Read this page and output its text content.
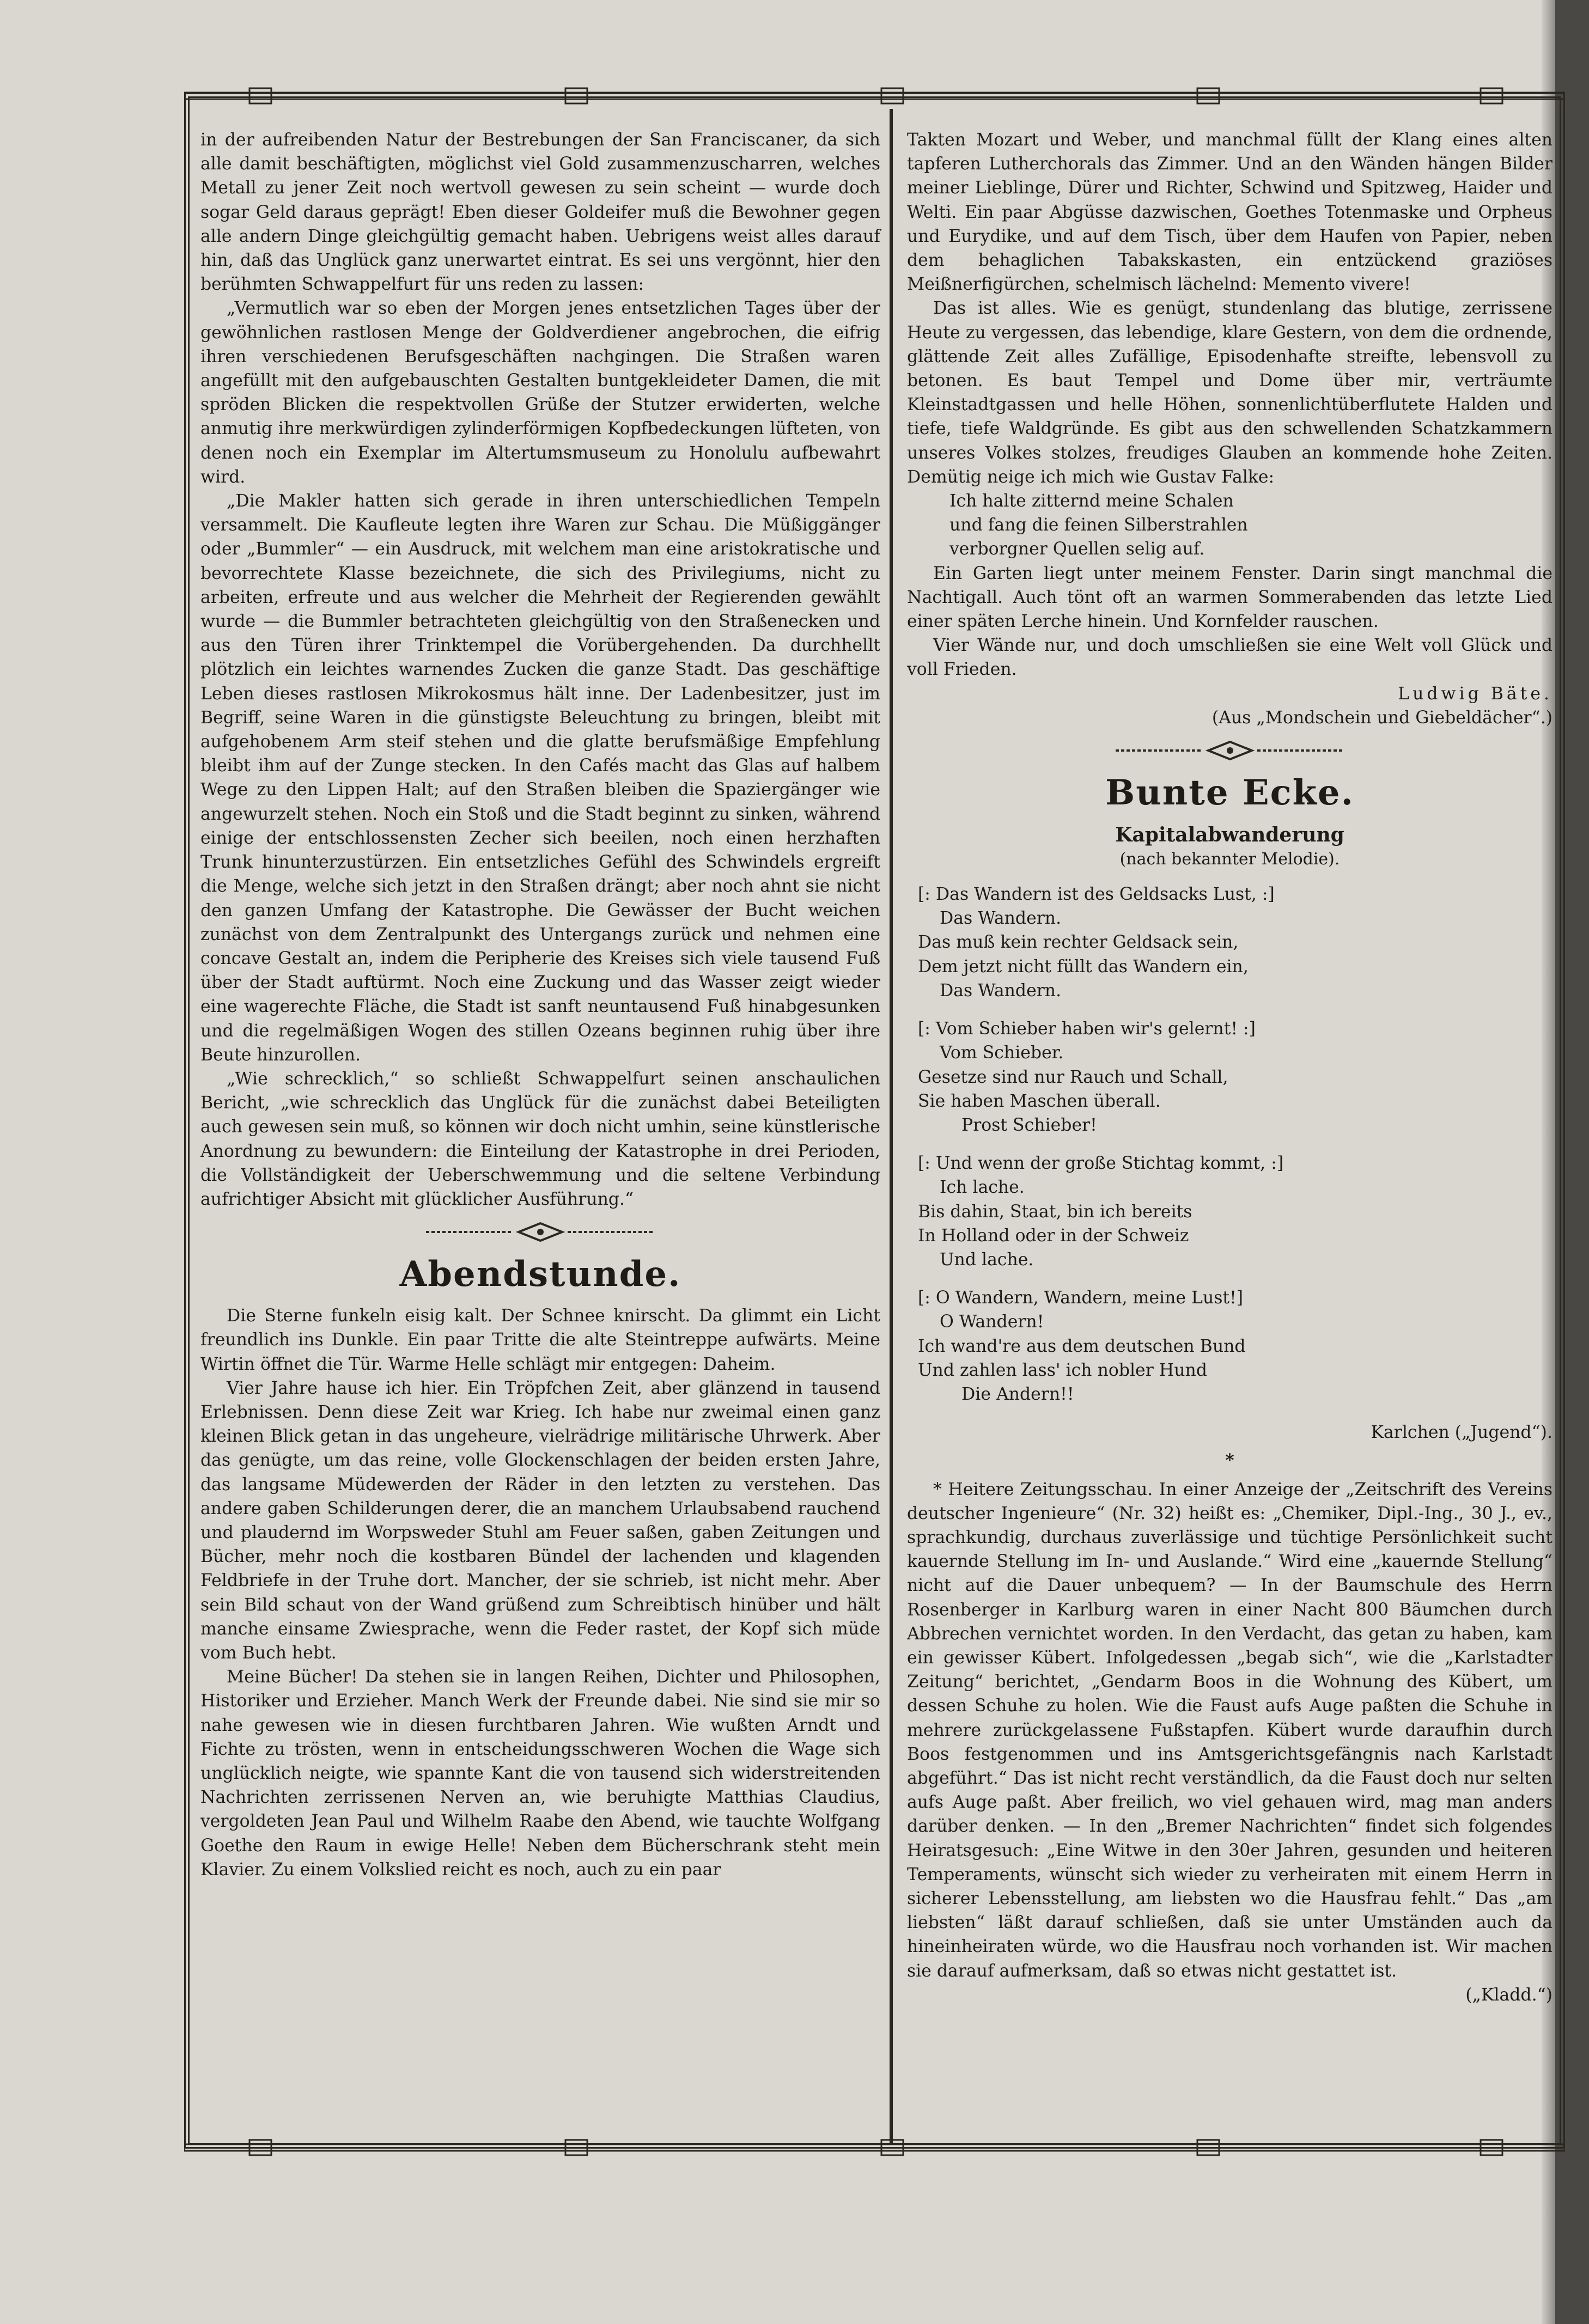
in der aufreibenden Natur der Bestrebungen der San Franciscaner, da sich alle damit beschäftigten, möglichst viel Gold zusammenzuscharren, welches Metall zu jener Zeit noch wertvoll gewesen zu sein scheint — wurde doch sogar Geld daraus geprägt! Eben dieser Goldeifer muß die Bewohner gegen alle andern Dinge gleichgültig gemacht haben. Uebrigens weist alles darauf hin, daß das Unglück ganz unerwartet eintrat. Es sei uns vergönnt, hier den berühmten Schwappelfurt für uns reden zu lassen:

„Vermutlich war so eben der Morgen jenes entsetzlichen Tages über der gewöhnlichen rastlosen Menge der Goldverdiener angebrochen, die eifrig ihren verschiedenen Berufsgeschäften nachgingen. Die Straßen waren angefüllt mit den aufgebauschten Gestalten buntgekleideter Damen, die mit spröden Blicken die respektvollen Grüße der Stutzer erwiderten, welche anmutig ihre merkwürdigen zylinderförmigen Kopfbedeckungen lüfteten, von denen noch ein Exemplar im Altertumsmuseum zu Honolulu aufbewahrt wird.

„Die Makler hatten sich gerade in ihren unterschiedlichen Tempeln versammelt. Die Kaufleute legten ihre Waren zur Schau. Die Müßiggänger oder „Bummler“ — ein Ausdruck, mit welchem man eine aristokratische und bevorrechtete Klasse bezeichnete, die sich des Privilegiums, nicht zu arbeiten, erfreute und aus welcher die Mehrheit der Regierenden gewählt wurde — die Bummler betrachteten gleichgültig von den Straßenecken und aus den Türen ihrer Trinktempel die Vorübergehenden. Da durchhellt plötzlich ein leichtes warnendes Zucken die ganze Stadt. Das geschäftige Leben dieses rastlosen Mikrokosmus hält inne. Der Ladenbesitzer, just im Begriff, seine Waren in die günstigste Beleuchtung zu bringen, bleibt mit aufgehobenem Arm steif stehen und die glatte berufsmäßige Empfehlung bleibt ihm auf der Zunge stecken. In den Cafés macht das Glas auf halbem Wege zu den Lippen Halt; auf den Straßen bleiben die Spaziergänger wie angewurzelt stehen. Noch ein Stoß und die Stadt beginnt zu sinken, während einige der entschlossensten Zecher sich beeilen, noch einen herzhaften Trunk hinunterzustürzen. Ein entsetzliches Gefühl des Schwindels ergreift die Menge, welche sich jetzt in den Straßen drängt; aber noch ahnt sie nicht den ganzen Umfang der Katastrophe. Die Gewässer der Bucht weichen zunächst von dem Zentralpunkt des Untergangs zurück und nehmen eine concave Gestalt an, indem die Peripherie des Kreises sich viele tausend Fuß über der Stadt auftürmt. Noch eine Zuckung und das Wasser zeigt wieder eine wagerechte Fläche, die Stadt ist sanft neuntausend Fuß hinabgesunken und die regelmäßigen Wogen des stillen Ozeans beginnen ruhig über ihre Beute hinzurollen.

„Wie schrecklich,“ so schließt Schwappelfurt seinen anschaulichen Bericht, „wie schrecklich das Unglück für die zunächst dabei Beteiligten auch gewesen sein muß, so können wir doch nicht umhin, seine künstlerische Anordnung zu bewundern: die Einteilung der Katastrophe in drei Perioden, die Vollständigkeit der Ueberschwemmung und die seltene Verbindung aufrichtiger Absicht mit glücklicher Ausführung.“

Abendstunde.

Die Sterne funkeln eisig kalt. Der Schnee knirscht. Da glimmt ein Licht freundlich ins Dunkle. Ein paar Tritte die alte Steintreppe aufwärts. Meine Wirtin öffnet die Tür. Warme Helle schlägt mir entgegen: Daheim.

Vier Jahre hause ich hier. Ein Tröpfchen Zeit, aber glänzend in tausend Erlebnissen. Denn diese Zeit war Krieg. Ich habe nur zweimal einen ganz kleinen Blick getan in das ungeheure, vielrädrige militärische Uhrwerk. Aber das genügte, um das reine, volle Glockenschlagen der beiden ersten Jahre, das langsame Müdewerden der Räder in den letzten zu verstehen. Das andere gaben Schilderungen derer, die an manchem Urlaubsabend rauchend und plaudernd im Worpsweder Stuhl am Feuer saßen, gaben Zeitungen und Bücher, mehr noch die kostbaren Bündel der lachenden und klagenden Feldbriefe in der Truhe dort. Mancher, der sie schrieb, ist nicht mehr. Aber sein Bild schaut von der Wand grüßend zum Schreibtisch hinüber und hält manche einsame Zwiesprache, wenn die Feder rastet, der Kopf sich müde vom Buch hebt.

Meine Bücher! Da stehen sie in langen Reihen, Dichter und Philosophen, Historiker und Erzieher. Manch Werk der Freunde dabei. Nie sind sie mir so nahe gewesen wie in diesen furchtbaren Jahren. Wie wußten Arndt und Fichte zu trösten, wenn in entscheidungsschweren Wochen die Wage sich unglücklich neigte, wie spannte Kant die von tausend sich widerstreitenden Nachrichten zerrissenen Nerven an, wie beruhigte Matthias Claudius, vergoldeten Jean Paul und Wilhelm Raabe den Abend, wie tauchte Wolfgang Goethe den Raum in ewige Helle! Neben dem Bücherschrank steht mein Klavier. Zu einem Volkslied reicht es noch, auch zu ein paar

Takten Mozart und Weber, und manchmal füllt der Klang eines alten tapferen Lutherchorals das Zimmer. Und an den Wänden hängen Bilder meiner Lieblinge, Dürer und Richter, Schwind und Spitzweg, Haider und Welti. Ein paar Abgüsse dazwischen, Goethes Totenmaske und Orpheus und Eurydike, und auf dem Tisch, über dem Haufen von Papier, neben dem behaglichen Tabakskasten, ein entzückend graziöses Meißnerfigürchen, schelmisch lächelnd: Memento vivere!

Das ist alles. Wie es genügt, stundenlang das blutige, zerrissene Heute zu vergessen, das lebendige, klare Gestern, von dem die ordnende, glättende Zeit alles Zufällige, Episodenhafte streifte, lebensvoll zu betonen. Es baut Tempel und Dome über mir, verträumte Kleinstadtgassen und helle Höhen, sonnenlichtüberflutete Halden und tiefe, tiefe Waldgründe. Es gibt aus den schwellenden Schatzkammern unseres Volkes stolzes, freudiges Glauben an kommende hohe Zeiten. Demütig neige ich mich wie Gustav Falke:

Ich halte zitternd meine Schalen
und fang die feinen Silberstrahlen
verborgner Quellen selig auf.

Ein Garten liegt unter meinem Fenster. Darin singt manchmal die Nachtigall. Auch tönt oft an warmen Sommerabenden das letzte Lied einer späten Lerche hinein. Und Kornfelder rauschen.

Vier Wände nur, und doch umschließen sie eine Welt voll Glück und voll Frieden.
Ludwig Bäte.
(Aus „Mondschein und Giebeldächer“.)
Bunte Ecke.
Kapitalabwanderung
(nach bekannter Melodie).
[: Das Wandern ist des Geldsacks Lust, :]
Das Wandern.
Das muß kein rechter Geldsack sein,
Dem jetzt nicht füllt das Wandern ein,
Das Wandern.
[: Vom Schieber haben wir's gelernt! :]
Vom Schieber.
Gesetze sind nur Rauch und Schall,
Sie haben Maschen überall.
Prost Schieber!
[: Und wenn der große Stichtag kommt, :]
Ich lache.
Bis dahin, Staat, bin ich bereits
In Holland oder in der Schweiz
Und lache.
[: O Wandern, Wandern, meine Lust!]
O Wandern!
Ich wand're aus dem deutschen Bund
Und zahlen lass' ich nobler Hund
Die Andern!!
Karlchen („Jugend“).
*

* Heitere Zeitungsschau. In einer Anzeige der „Zeitschrift des Vereins deutscher Ingenieure“ (Nr. 32) heißt es: „Chemiker, Dipl.-Ing., 30 J., ev., sprachkundig, durchaus zuverlässige und tüchtige Persönlichkeit sucht kauernde Stellung im In- und Auslande.“ Wird eine „kauernde Stellung“ nicht auf die Dauer unbequem? — In der Baumschule des Herrn Rosenberger in Karlburg waren in einer Nacht 800 Bäumchen durch Abbrechen vernichtet worden. In den Verdacht, das getan zu haben, kam ein gewisser Kübert. Infolgedessen „begab sich“, wie die „Karlstadter Zeitung“ berichtet, „Gendarm Boos in die Wohnung des Kübert, um dessen Schuhe zu holen. Wie die Faust aufs Auge paßten die Schuhe in mehrere zurückgelassene Fußstapfen. Kübert wurde daraufhin durch Boos festgenommen und ins Amtsgerichtsgefängnis nach Karlstadt abgeführt.“ Das ist nicht recht verständlich, da die Faust doch nur selten aufs Auge paßt. Aber freilich, wo viel gehauen wird, mag man anders darüber denken. — In den „Bremer Nachrichten“ findet sich folgendes Heiratsgesuch: „Eine Witwe in den 30er Jahren, gesunden und heiteren Temperaments, wünscht sich wieder zu verheiraten mit einem Herrn in sicherer Lebensstellung, am liebsten wo die Hausfrau fehlt.“ Das „am liebsten“ läßt darauf schließen, daß sie unter Umständen auch da hineinheiraten würde, wo die Hausfrau noch vorhanden ist. Wir machen sie darauf aufmerksam, daß so etwas nicht gestattet ist.

(„Kladd.“)
